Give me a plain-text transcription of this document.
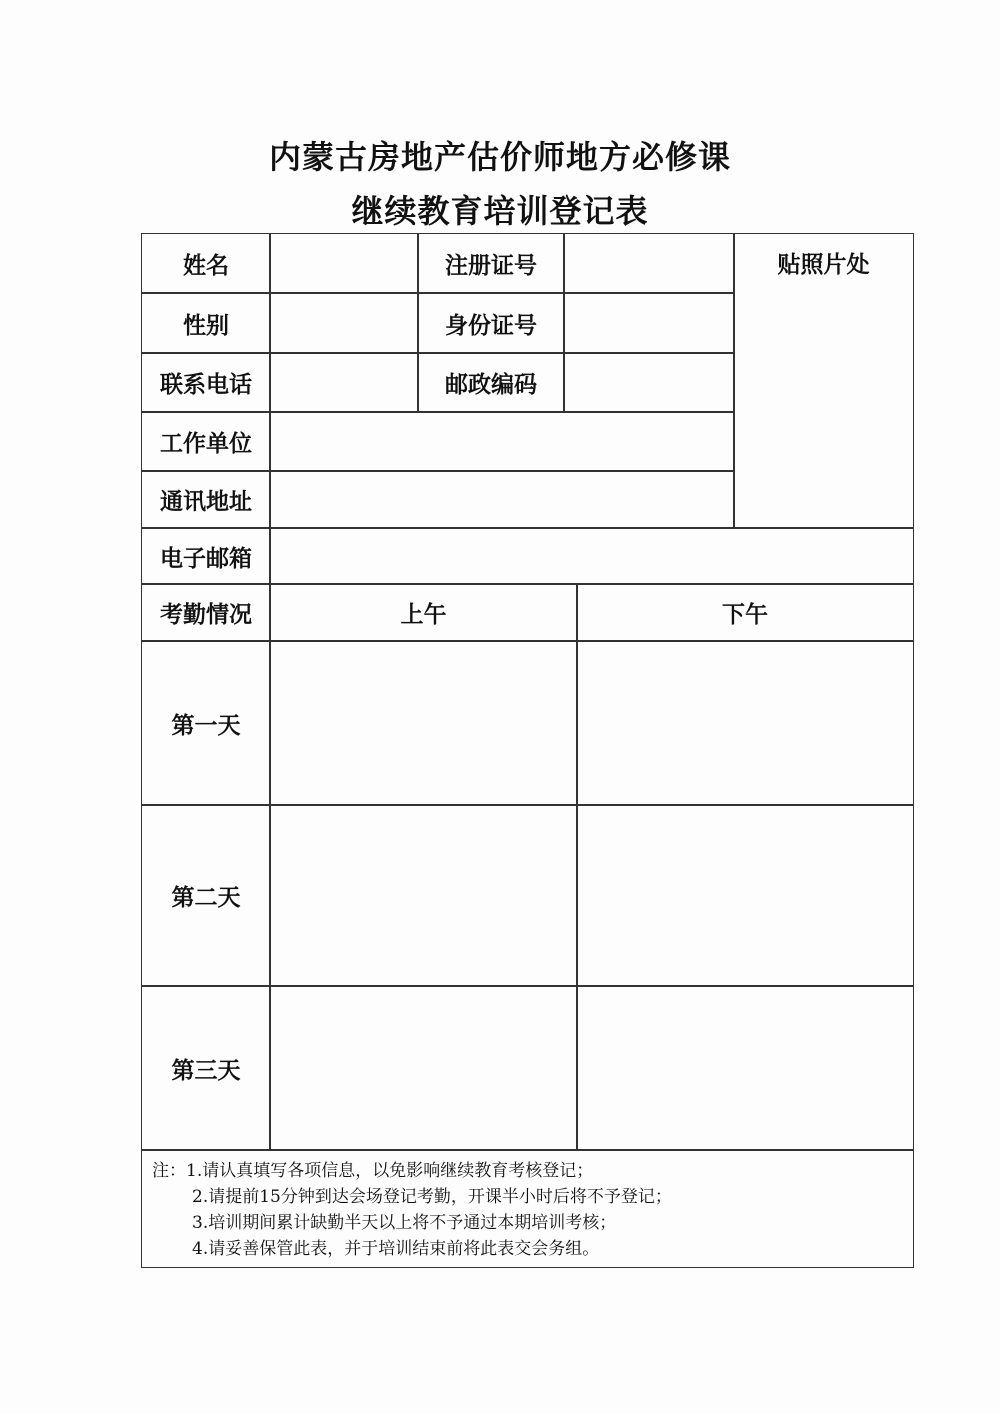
内蒙古房地产估价师地方必修课
继续教育培训登记表
姓名	注册证号	贴照片处
性别	身份证号
联系电话	邮政编码
工作单位
通讯地址
电子邮箱
考勤情况	上午	下午
第一天
第二天
第三天
注：1.请认真填写各项信息，以免影响继续教育考核登记；
2.请提前15分钟到达会场登记考勤，开课半小时后将不予登记；
3.培训期间累计缺勤半天以上将不予通过本期培训考核；
4.请妥善保管此表，并于培训结束前将此表交会务组。
